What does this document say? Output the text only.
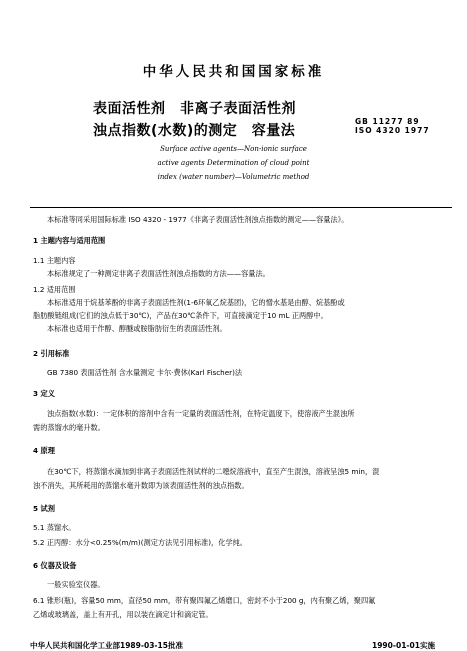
中华人民共和国国家标准
表面活性剂　非离子表面活性剂
浊点指数(水数)的测定　容量法
GB 11277 89
ISO 4320 1977
Surface active agents—Non-ionic surface
active agents Determination of cloud point
index (water number)—Volumetric method
本标准等同采用国际标准 ISO 4320 - 1977《非离子表面活性剂浊点指数的测定——容量法》。
1 主题内容与适用范围
1.1 主题内容
本标准规定了一种测定非离子表面活性剂浊点指数的方法——容量法。
1.2 适用范围
本标准适用于烷基苯酚的非离子表面活性剂(1-6环氧乙烷基团)，它的憎水基是由醇、烷基酚或
脂肪酸链组成(它们的浊点低于30℃)，产品在30℃条件下，可直接滴定于10 mL 正两醇中。
本标准也适用于作醇、醇醚或胺脂肪衍生的表面活性剂。
2 引用标准
GB 7380 表面活性剂 含水量测定 卡尔·费休(Karl Fischer)法
3 定义
浊点指数(水数)：一定体积的溶剂中含有一定量的表面活性剂，在特定温度下，使溶液产生混浊所
需的蒸馏水的毫升数。
4 原理
在30℃下，将蒸馏水滴加到非离子表面活性剂试样的二噁烷溶液中，直至产生混浊，溶液呈浊5 min，混
浊不消失，其所耗用的蒸馏水毫升数即为该表面活性剂的浊点指数。
5 试剂
5.1 蒸馏水。
5.2 正丙醇：水分<0.25%(m/m)(测定方法见引用标准)，化学纯。
6 仪器及设备
一般实验室仪器。
6.1 锥形(瓶)，容量50 mm，直径50 mm，带有聚四氟乙烯磨口，密封不小于200 g，内有聚乙烯，聚四氟
乙烯或玻璃盖，盖上有开孔，用以装在滴定计和滴定管。
中华人民共和国化学工业部1989-03-15批准	1990-01-01实施
